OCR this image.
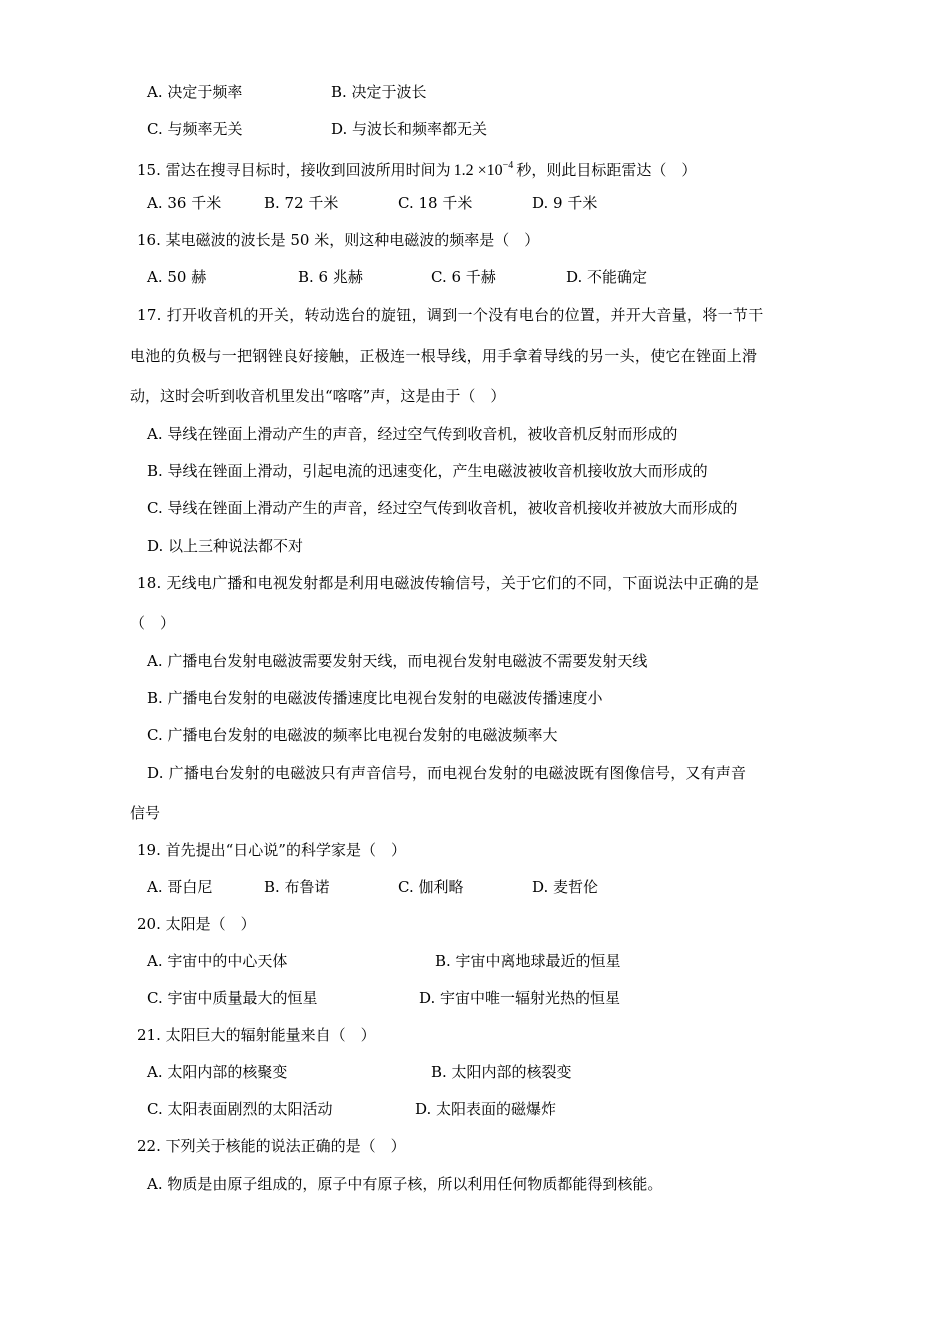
A. 决定于频率	B. 决定于波长
C. 与频率无关	D. 与波长和频率都无关
15. 雷达在搜寻目标时，接收到回波所用时间为 $1.2 \times 10^{-4}$ 秒，则此目标距雷达（　）
A. 36 千米	B. 72 千米	C. 18 千米	D. 9 千米
16. 某电磁波的波长是 50 米，则这种电磁波的频率是（　）
A. 50 赫	B. 6 兆赫	C. 6 千赫	D. 不能确定
17. 打开收音机的开关，转动选台的旋钮，调到一个没有电台的位置，并开大音量，将一节干
电池的负极与一把钢锉良好接触，正极连一根导线，用手拿着导线的另一头，使它在锉面上滑
动，这时会听到收音机里发出“喀喀”声，这是由于（　）
A. 导线在锉面上滑动产生的声音，经过空气传到收音机，被收音机反射而形成的
B. 导线在锉面上滑动，引起电流的迅速变化，产生电磁波被收音机接收放大而形成的
C. 导线在锉面上滑动产生的声音，经过空气传到收音机，被收音机接收并被放大而形成的
D. 以上三种说法都不对
18. 无线电广播和电视发射都是利用电磁波传输信号，关于它们的不同，下面说法中正确的是
（　）
A. 广播电台发射电磁波需要发射天线，而电视台发射电磁波不需要发射天线
B. 广播电台发射的电磁波传播速度比电视台发射的电磁波传播速度小
C. 广播电台发射的电磁波的频率比电视台发射的电磁波频率大
D. 广播电台发射的电磁波只有声音信号，而电视台发射的电磁波既有图像信号，又有声音
信号
19. 首先提出“日心说”的科学家是（　）
A. 哥白尼	B. 布鲁诺	C. 伽利略	D. 麦哲伦
20. 太阳是（　）
A. 宇宙中的中心天体	B. 宇宙中离地球最近的恒星
C. 宇宙中质量最大的恒星	D. 宇宙中唯一辐射光热的恒星
21. 太阳巨大的辐射能量来自（　）
A. 太阳内部的核聚变	B. 太阳内部的核裂变
C. 太阳表面剧烈的太阳活动	D. 太阳表面的磁爆炸
22. 下列关于核能的说法正确的是（　）
A. 物质是由原子组成的，原子中有原子核，所以利用任何物质都能得到核能。
